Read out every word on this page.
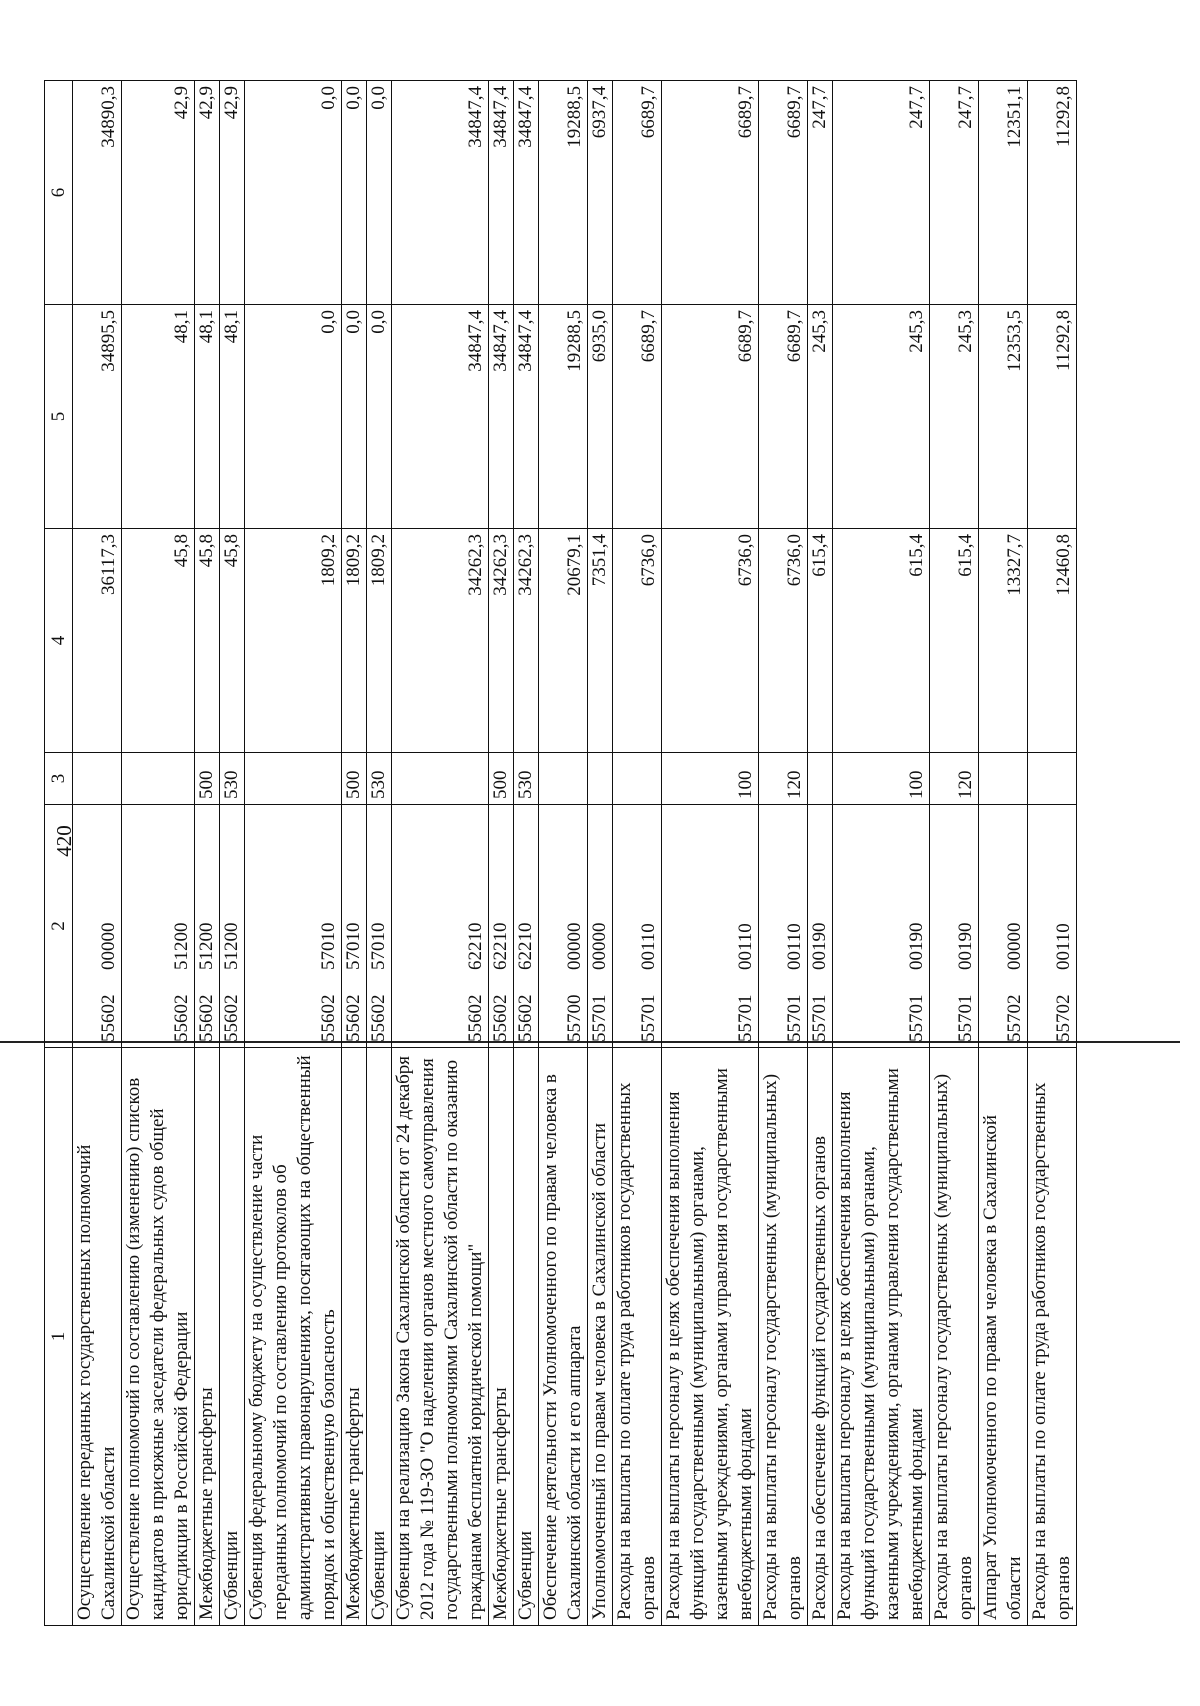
420
1	2	3	4	5	6
Осуществление переданных государственных полномочий Сахалинской области	5560200000		36117,3	34895,5	34890,3
Осуществление полномочий по составлению (изменению) списков кандидатов в присяжные заседатели федеральных судов общей юрисдикции в Российской Федерации	5560251200		45,8	48,1	42,9
Межбюджетные трансферты	5560251200	500	45,8	48,1	42,9
Субвенции	5560251200	530	45,8	48,1	42,9
Субвенция федеральному бюджету на осуществление части переданных полномочий по составлению протоколов об административных правонарушениях, посягающих на общественный порядок и общественную бзопасность	5560257010		1809,2	0,0	0,0
Межбюджетные трансферты	5560257010	500	1809,2	0,0	0,0
Субвенции	5560257010	530	1809,2	0,0	0,0
Субвенция на реализацию Закона Сахалинской области от 24 декабря 2012 года № 119-ЗО "О наделении органов местного самоуправления государственными полномочиями Сахалинской области по оказанию гражданам бесплатной юридической помощи"	5560262210		34262,3	34847,4	34847,4
Межбюджетные трансферты	5560262210	500	34262,3	34847,4	34847,4
Субвенции	5560262210	530	34262,3	34847,4	34847,4
Обеспечение деятельности Уполномоченного по правам человека в Сахалинской области и его аппарата	5570000000		20679,1	19288,5	19288,5
Уполномоченный по правам человека в Сахалинской области	5570100000		7351,4	6935,0	6937,4
Расходы на выплаты по оплате труда работников государственных органов	5570100110		6736,0	6689,7	6689,7
Расходы на выплаты персоналу в целях обеспечения выполнения функций государственными (муниципальными) органами, казенными учреждениями, органами управления государственными внебюджетными фондами	5570100110	100	6736,0	6689,7	6689,7
Расходы на выплаты персоналу государственных (муниципальных) органов	5570100110	120	6736,0	6689,7	6689,7
Расходы на обеспечение функций государственных органов	5570100190		615,4	245,3	247,7
Расходы на выплаты персоналу в целях обеспечения выполнения функций государственными (муниципальными) органами, казенными учреждениями, органами управления государственными внебюджетными фондами	5570100190	100	615,4	245,3	247,7
Расходы на выплаты персоналу государственных (муниципальных) органов	5570100190	120	615,4	245,3	247,7
Аппарат Уполномоченного по правам человека в Сахалинской области	5570200000		13327,7	12353,5	12351,1
Расходы на выплаты по оплате труда работников государственных органов	5570200110		12460,8	11292,8	11292,8
